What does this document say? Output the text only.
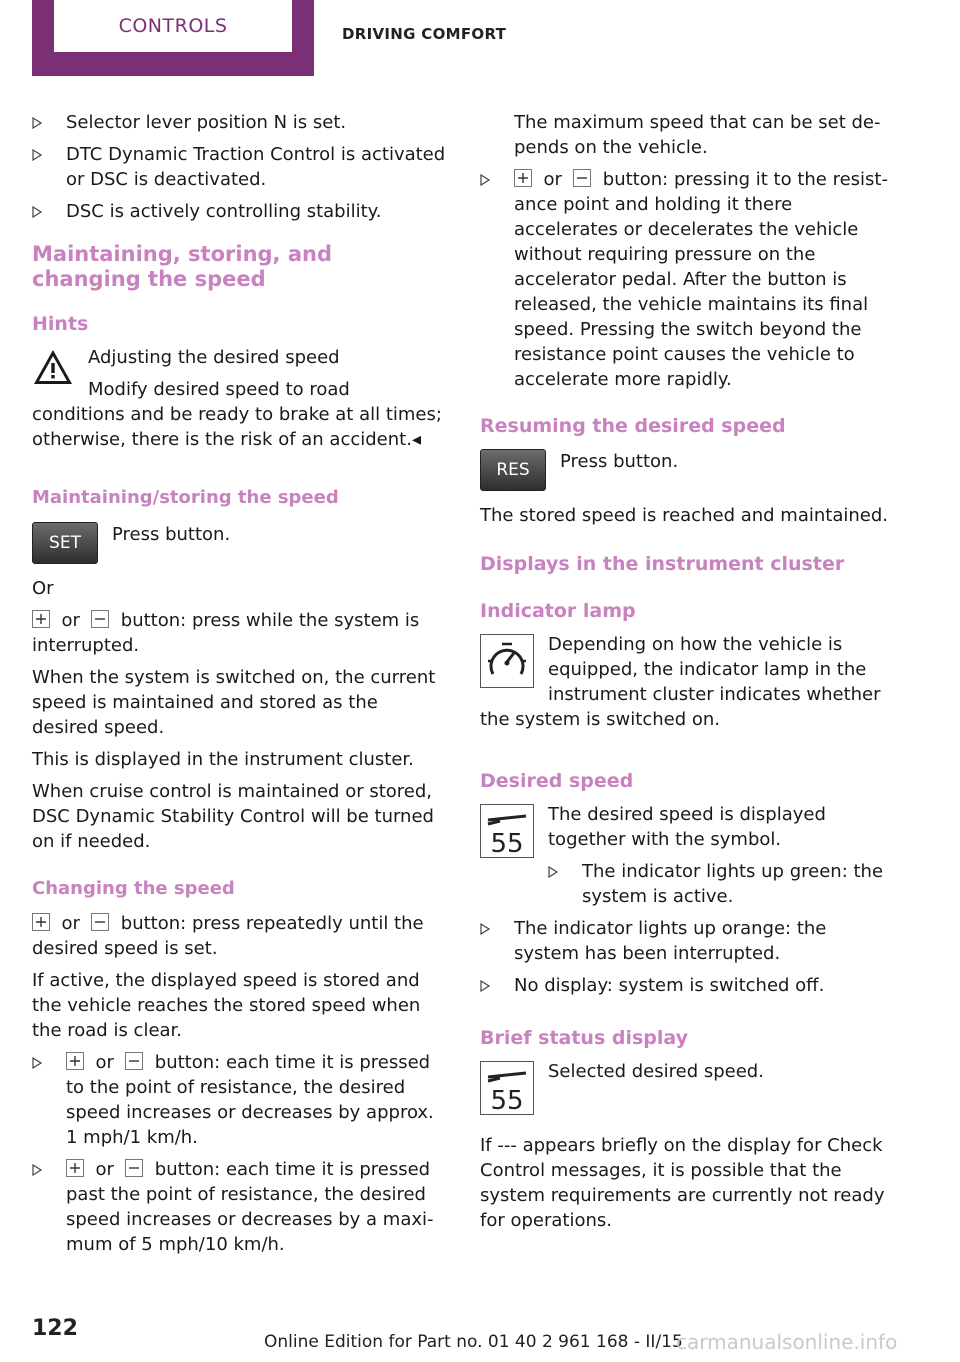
CONTROLS	DRIVING COMFORT
Selector lever position N is set.
DTC Dynamic Traction Control is activated or DSC is deactivated.
DSC is actively controlling stability.
Maintaining, storing, and changing the speed
Hints

Adjusting the desired speed

Modify desired speed to road conditions and be ready to brake at all times; otherwise, there is the risk of an accident.◂

Maintaining/storing the speed
SET	Press button.

Or

or button: press while the system is interrupted.

When the system is switched on, the current speed is maintained and stored as the desired speed.

This is displayed in the instrument cluster.

When cruise control is maintained or stored, DSC Dynamic Stability Control will be turned on if needed.

Changing the speed

or button: press repeatedly until the desired speed is set.

If active, the displayed speed is stored and the vehicle reaches the stored speed when the road is clear.

or button: each time it is pressed to the point of resistance, the desired speed increases or decreases by approx.
1 mph/1 km/h.
or button: each time it is pressed past the point of resistance, the desired speed increases or decreases by a maximum of 5 mph/10 km/h.

The maximum speed that can be set depends on the vehicle.

or button: pressing it to the resistance point and holding it there accelerates or decelerates the vehicle without requiring pressure on the accelerator pedal. After the button is released, the vehicle maintains its final speed. Pressing the switch beyond the resistance point causes the vehicle to accelerate more rapidly.
Resuming the desired speed
RES	Press button.

The stored speed is reached and maintained.

Displays in the instrument cluster
Indicator lamp

Depending on how the vehicle is equipped, the indicator lamp in the instrument cluster indicates whether the system is switched on.

Desired speed
55

The desired speed is displayed together with the symbol.

The indicator lights up green: the system is active.
The indicator lights up orange: the system has been interrupted.
No display: system is switched off.
Brief status display
55

Selected desired speed.

If --- appears briefly on the display for Check Control messages, it is possible that the system requirements are currently not ready for operations.

122
Online Edition for Part no. 01 40 2 961 168 - II/15
carmanualsonline.info
